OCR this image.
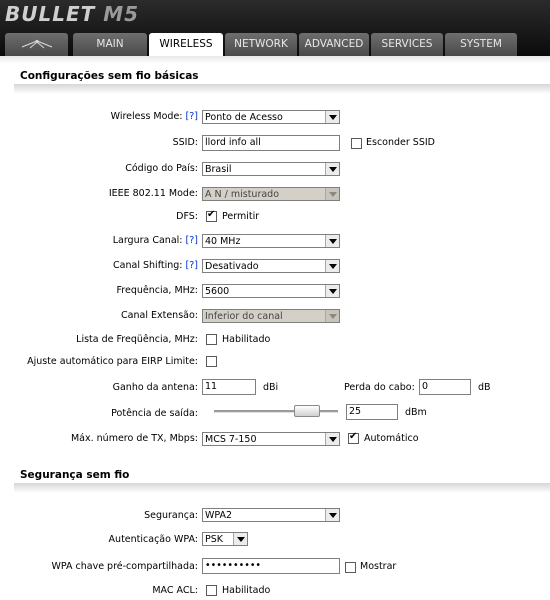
BULLET M5
MAIN	WIRELESS	NETWORK	ADVANCED	SERVICES	SYSTEM
Configurações sem fio básicas
Wireless Mode: [?] Ponto de Acesso
SSID: llord info all	Esconder SSID
Código do País: Brasil
IEEE 802.11 Mode: A N / misturado
DFS: ✔	Permitir
Largura Canal: [?] 40 MHz
Canal Shifting: [?] Desativado
Frequência, MHz: 5600
Canal Extensão: Inferior do canal
Lista de Freqüência, MHz:	Habilitado
Ajuste automático para EIRP Limite:
Ganho da antena: 11	dBi	Perda do cabo: 0	dB
Potência de saída:	25	dBm
Máx. número de TX, Mbps: MCS 7-150 ✔	Automático
Segurança sem fio
Segurança: WPA2
Autenticação WPA: PSK
WPA chave pré-compartilhada: ••••••••••	Mostrar
MAC ACL:	Habilitado
